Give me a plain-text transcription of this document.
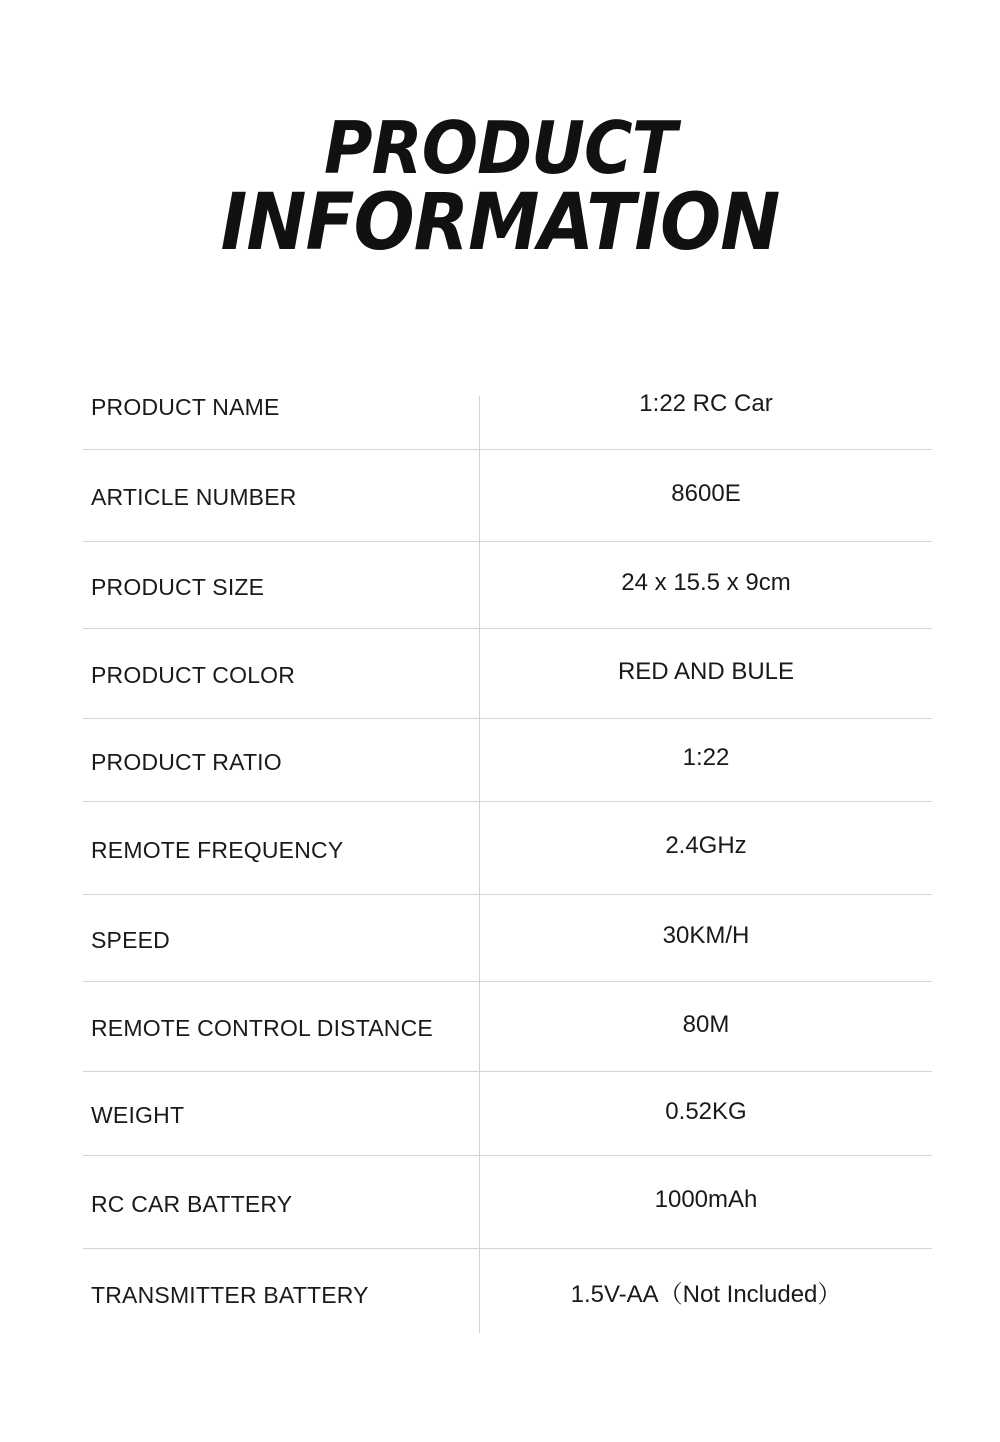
PRODUCT
INFORMATION
PRODUCT NAME	1:22 RC Car
ARTICLE NUMBER	8600E
PRODUCT SIZE	24 x 15.5 x 9cm
PRODUCT COLOR	RED AND BULE
PRODUCT RATIO	1:22
REMOTE FREQUENCY	2.4GHz
SPEED	30KM/H
REMOTE CONTROL DISTANCE	80M
WEIGHT	0.52KG
RC CAR BATTERY	1000mAh
TRANSMITTER BATTERY	1.5V-AA（Not Included）
